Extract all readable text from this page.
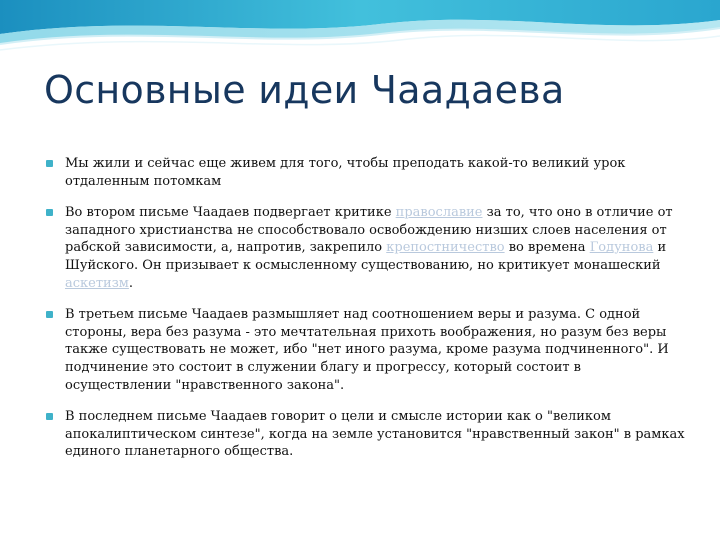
Основные идеи Чаадаева
Мы жили и сейчас еще живем для того, чтобы преподать какой-то великий урок отдаленным потомкам
Во втором письме Чаадаев подвергает критике православие за то, что оно в отличие от западного христианства не способствовало освобождению низших слоев населения от рабской зависимости, а, напротив, закрепило крепостничество во времена Годунова и Шуйского. Он призывает к осмысленному существованию, но критикует монашеский аскетизм.
В третьем письме Чаадаев размышляет над соотношением веры и разума. С одной стороны, вера без разума - это мечтательная прихоть воображения, но разум без веры также существовать не может, ибо "нет иного разума, кроме разума подчиненного". И подчинение это состоит в служении благу и прогрессу, который состоит в осуществлении "нравственного закона".
В последнем письме Чаадаев говорит о цели и смысле истории как о "великом апокалиптическом синтезе", когда на земле установится "нравственный закон" в рамках единого планетарного общества.
